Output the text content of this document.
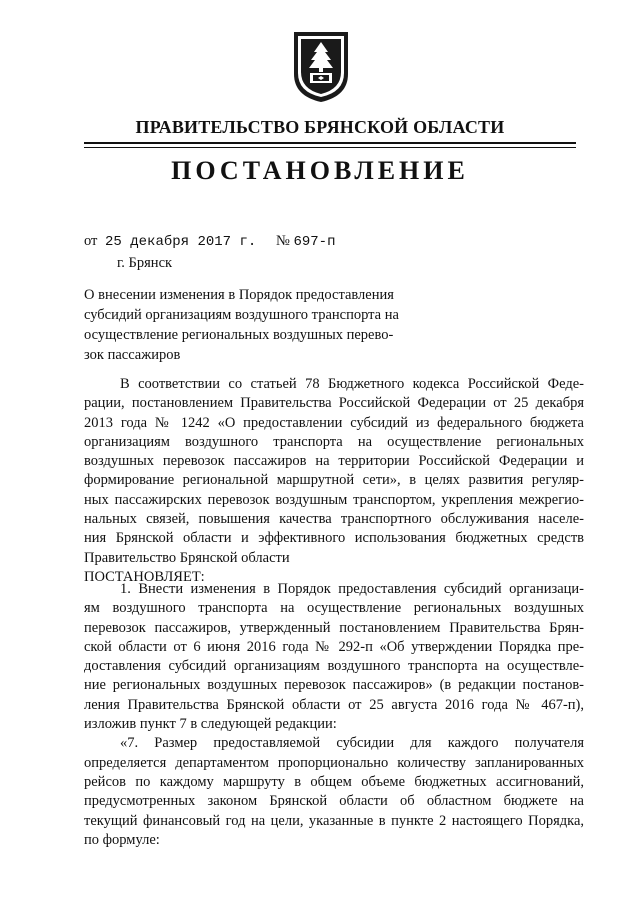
ПРАВИТЕЛЬСТВО БРЯНСКОЙ ОБЛАСТИ
ПОСТАНОВЛЕНИЕ
от 25 декабря 2017 г. № 697-п
г. Брянск
О внесении изменения в Порядок предоставления
субсидий организациям воздушного транспорта на
осуществление региональных воздушных перево-
зок пассажиров
В соответствии со статьей 78 Бюджетного кодекса Российской Феде-
рации, постановлением Правительства Российской Федерации от 25 декабря
2013 года № 1242 «О предоставлении субсидий из федерального бюджета
организациям воздушного транспорта на осуществление региональных
воздушных перевозок пассажиров на территории Российской Федерации и
формирование региональной маршрутной сети», в целях развития регуляр-
ных пассажирских перевозок воздушным транспортом, укрепления межрегио-
нальных связей, повышения качества транспортного обслуживания населе-
ния Брянской области и эффективного использования бюджетных средств
Правительство Брянской области
ПОСТАНОВЛЯЕТ:
1. Внести изменения в Порядок предоставления субсидий организаци-
ям воздушного транспорта на осуществление региональных воздушных
перевозок пассажиров, утвержденный постановлением Правительства Брян-
ской области от 6 июня 2016 года № 292-п «Об утверждении Порядка пре-
доставления субсидий организациям воздушного транспорта на осуществле-
ние региональных воздушных перевозок пассажиров» (в редакции постанов-
ления Правительства Брянской области от 25 августа 2016 года № 467-п),
изложив пункт 7 в следующей редакции:
«7. Размер предоставляемой субсидии для каждого получателя
определяется департаментом пропорционально количеству запланированных
рейсов по каждому маршруту в общем объеме бюджетных ассигнований,
предусмотренных законом Брянской области об областном бюджете на
текущий финансовый год на цели, указанные в пункте 2 настоящего Порядка,
по формуле:
